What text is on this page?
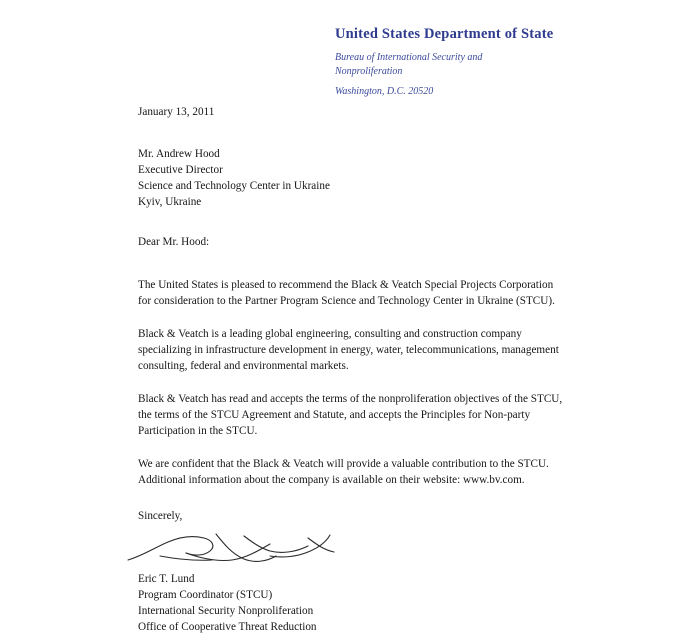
United States Department of State
Bureau of International Security and
Nonproliferation
Washington, D.C. 20520
January 13, 2011
Mr. Andrew Hood
Executive Director
Science and Technology Center in Ukraine
Kyiv, Ukraine
Dear Mr. Hood:

The United States is pleased to recommend the Black & Veatch Special Projects Corporation for consideration to the Partner Program Science and Technology Center in Ukraine (STCU).

Black & Veatch is a leading global engineering, consulting and construction company specializing in infrastructure development in energy, water, telecommunications, management consulting, federal and environmental markets.

Black & Veatch has read and accepts the terms of the nonproliferation objectives of the STCU, the terms of the STCU Agreement and Statute, and accepts the Principles for Non-party Participation in the STCU.

We are confident that the Black & Veatch will provide a valuable contribution to the STCU. Additional information about the company is available on their website: www.bv.com.

Sincerely,
Eric T. Lund
Program Coordinator (STCU)
International Security Nonproliferation
Office of Cooperative Threat Reduction
